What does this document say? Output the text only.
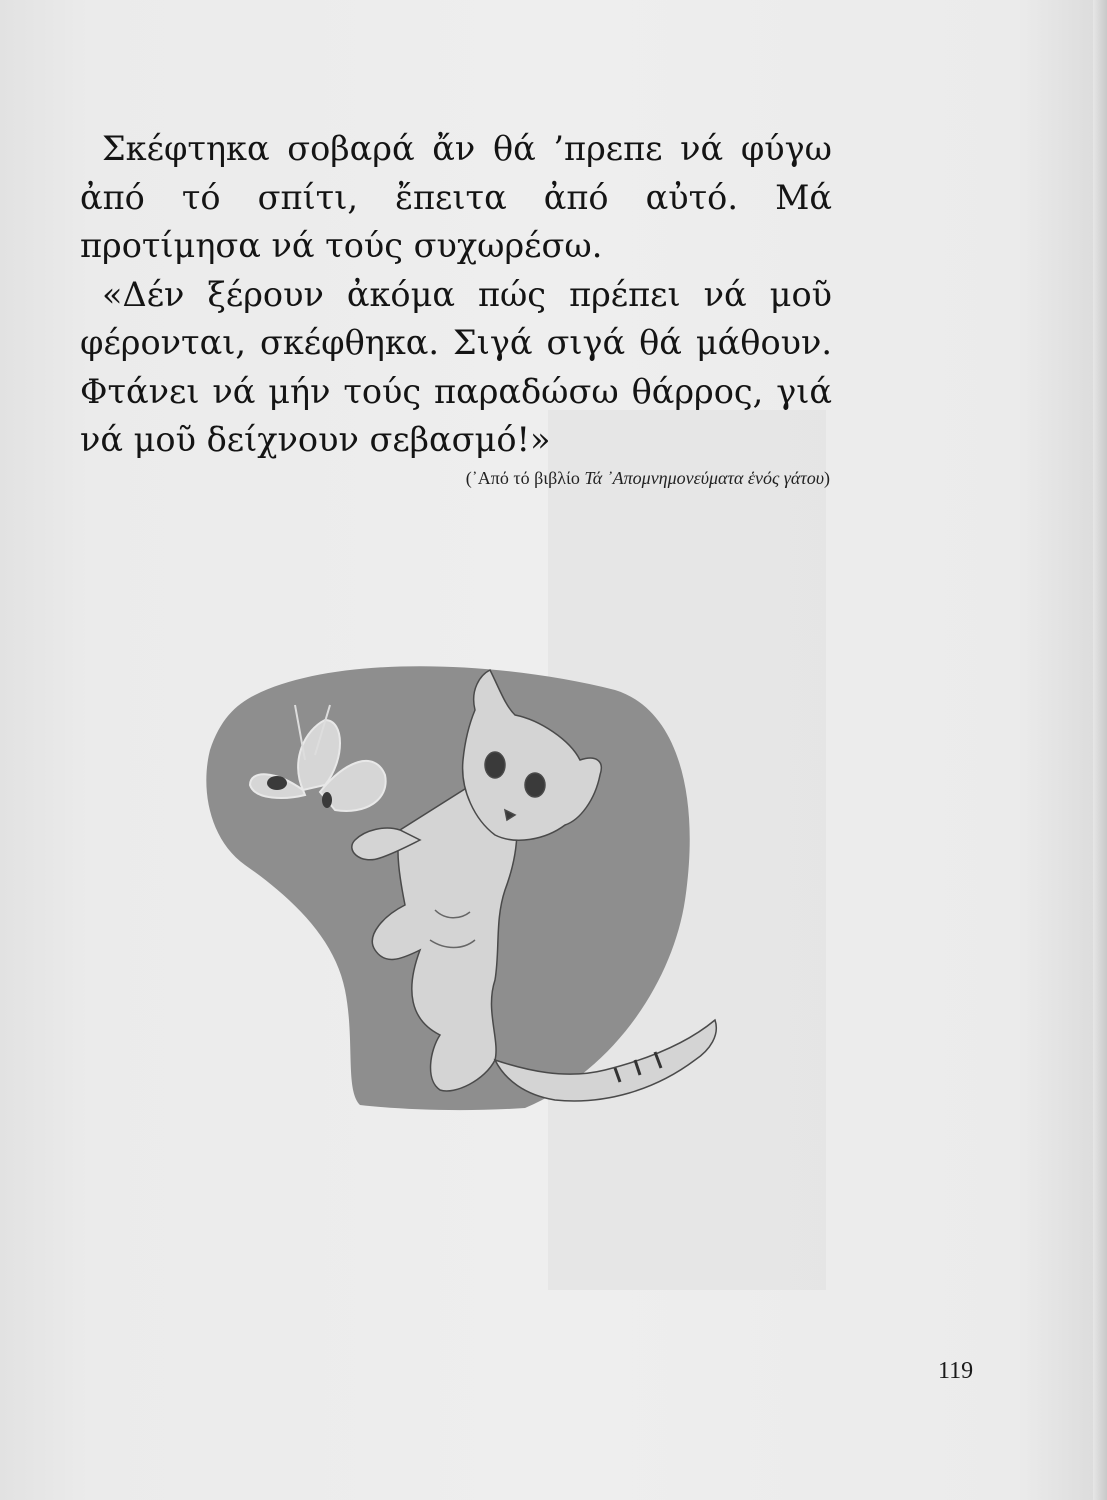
Σκέφτηκα σοβαρά ἄν θά ’πρεπε νά φύγω ἀπό τό σπίτι, ἔπειτα ἀπό αὐτό. Μά προτίμησα νά τούς συχωρέσω.

«Δέν ξέρουν ἀκόμα πώς πρέπει νά μοῦ φέρονται, σκέφθηκα. Σιγά σιγά θά μάθουν. Φτάνει νά μήν τούς παραδώσω θάρρος, γιά νά μοῦ δείχνουν σεβασμό!»

(᾿Από τό βιβλίο Τά ᾿Απομνημονεύματα ἑνός γάτου)
119
